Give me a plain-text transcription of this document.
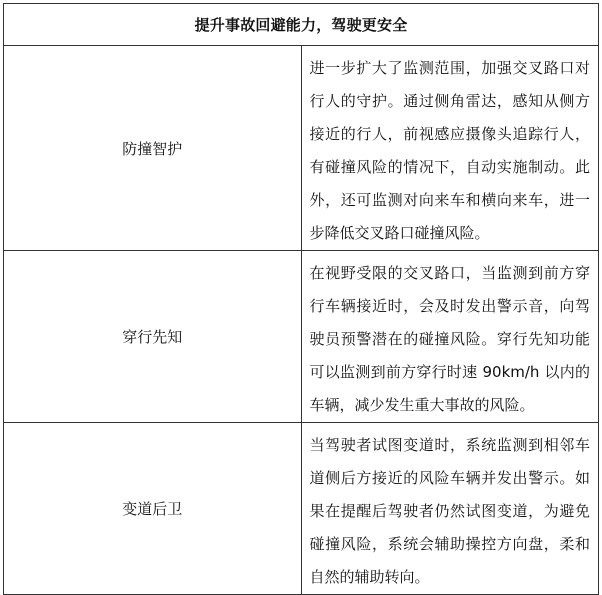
提升事故回避能力，驾驶更安全	
防撞智护	进一步扩大了监测范围，加强交叉路口对行人的守护。通过侧角雷达，感知从侧方接近的行人，前视感应摄像头追踪行人，有碰撞风险的情况下，自动实施制动。此外，还可监测对向来车和横向来车，进一步降低交叉路口碰撞风险。
穿行先知	在视野受限的交叉路口，当监测到前方穿行车辆接近时，会及时发出警示音，向驾驶员预警潜在的碰撞风险。穿行先知功能可以监测到前方穿行时速 90km/h 以内的车辆，减少发生重大事故的风险。
变道后卫	当驾驶者试图变道时，系统监测到相邻车道侧后方接近的风险车辆并发出警示。如果在提醒后驾驶者仍然试图变道，为避免碰撞风险，系统会辅助操控方向盘，柔和自然的辅助转向。
